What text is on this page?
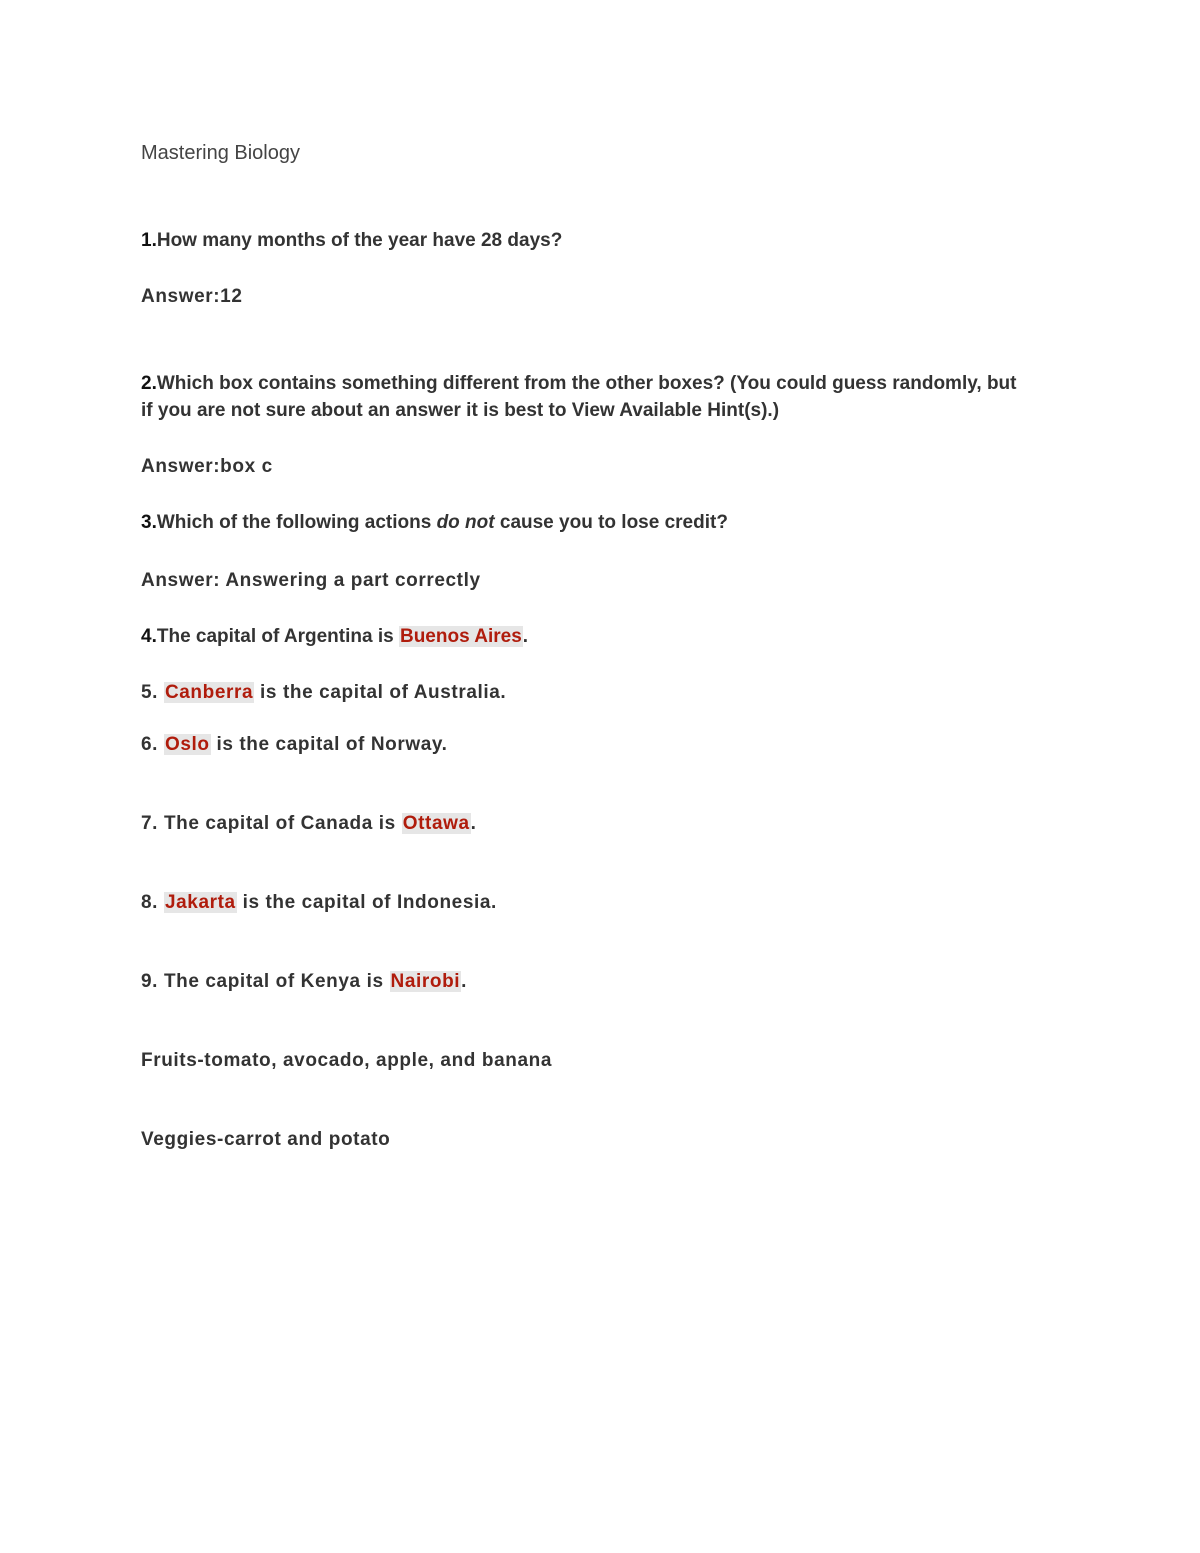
Mastering Biology
1.How many months of the year have 28 days?
Answer:12
2.Which box contains something different from the other boxes? (You could guess randomly, but
if you are not sure about an answer it is best to View Available Hint(s).)
Answer:box c
3.Which of the following actions do not cause you to lose credit?
Answer: Answering a part correctly
4.The capital of Argentina is Buenos Aires.
5. Canberra is the capital of Australia.
6. Oslo is the capital of Norway.
7. The capital of Canada is Ottawa.
8. Jakarta is the capital of Indonesia.
9. The capital of Kenya is Nairobi.
Fruits-tomato, avocado, apple, and banana
Veggies-carrot and potato
